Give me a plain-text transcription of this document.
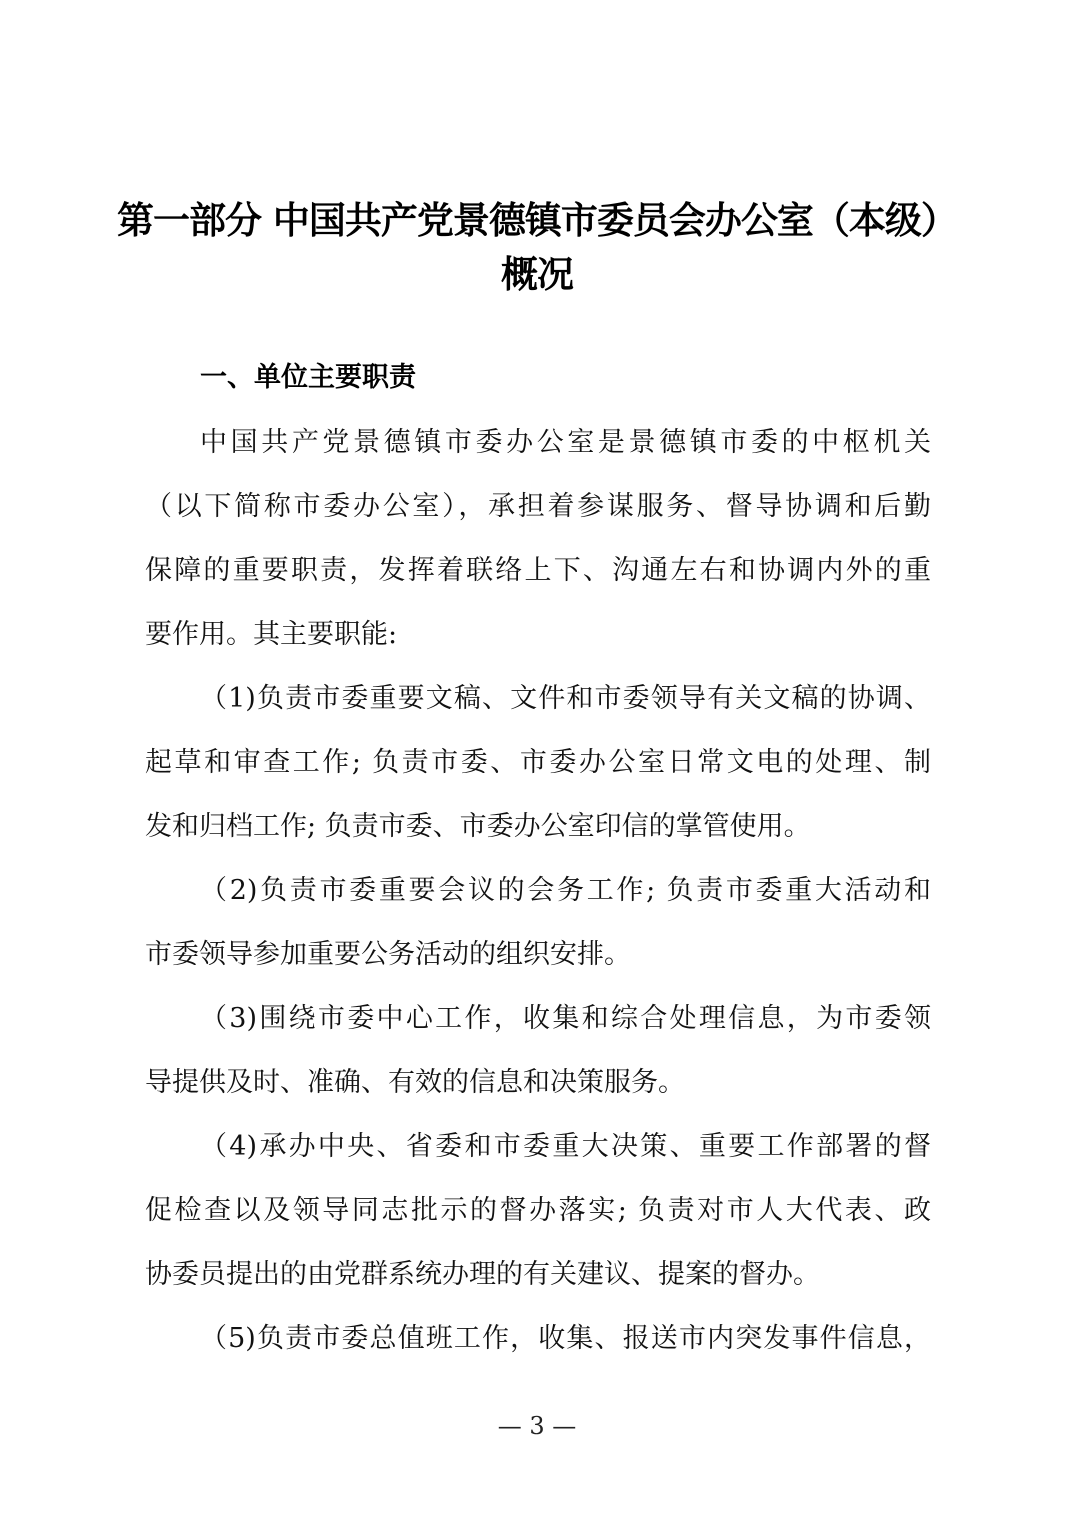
第一部分 中国共产党景德镇市委员会办公室（本级）
概况
一、单位主要职责

中国共产党景德镇市委办公室是景德镇市委的中枢机关

（以下简称市委办公室），承担着参谋服务、督导协调和后勤

保障的重要职责，发挥着联络上下、沟通左右和协调内外的重

要作用。其主要职能:

（1)负责市委重要文稿、文件和市委领导有关文稿的协调、

起草和审查工作; 负责市委、市委办公室日常文电的处理、制

发和归档工作; 负责市委、市委办公室印信的掌管使用。

（2)负责市委重要会议的会务工作; 负责市委重大活动和

市委领导参加重要公务活动的组织安排。

（3)围绕市委中心工作，收集和综合处理信息，为市委领

导提供及时、准确、有效的信息和决策服务。

（4)承办中央、省委和市委重大决策、重要工作部署的督

促检查以及领导同志批示的督办落实; 负责对市人大代表、政

协委员提出的由党群系统办理的有关建议、提案的督办。

（5)负责市委总值班工作，收集、报送市内突发事件信息，

— 3 —
